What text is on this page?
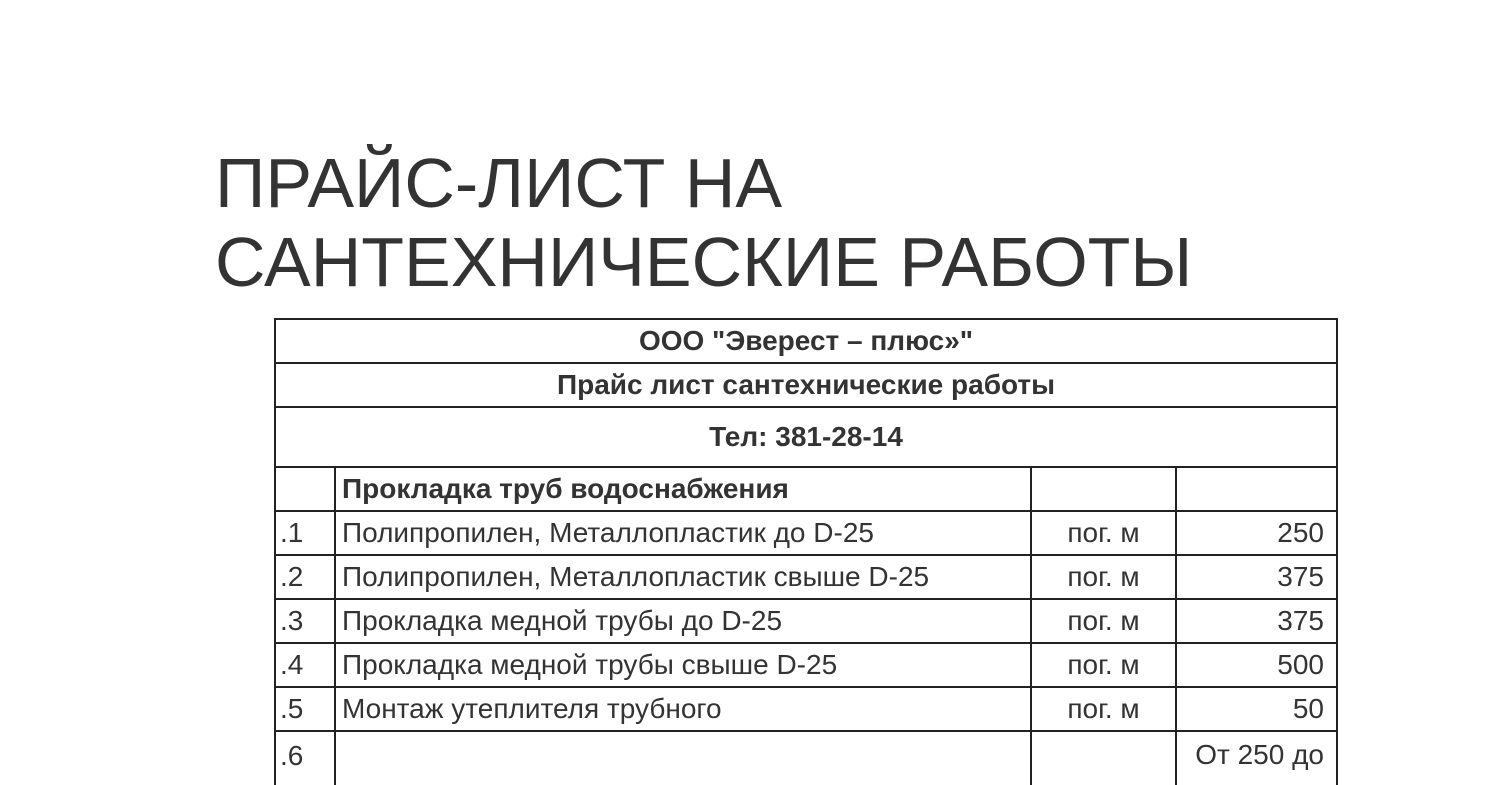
ПРАЙС-ЛИСТ НА
САНТЕХНИЧЕСКИЕ РАБОТЫ
ООО "Эверест – плюс»"			
Прайс лист сантехнические работы			
Тел: 381-28-14			
	Прокладка труб водоснабжения		
.1	Полипропилен, Металлопластик до D-25	пог. м	250
.2	Полипропилен, Металлопластик свыше D-25	пог. м	375
.3	Прокладка медной трубы до D-25	пог. м	375
.4	Прокладка медной трубы свыше D-25	пог. м	500
.5	Монтаж утеплителя трубного	пог. м	50
.6			От 250 до
